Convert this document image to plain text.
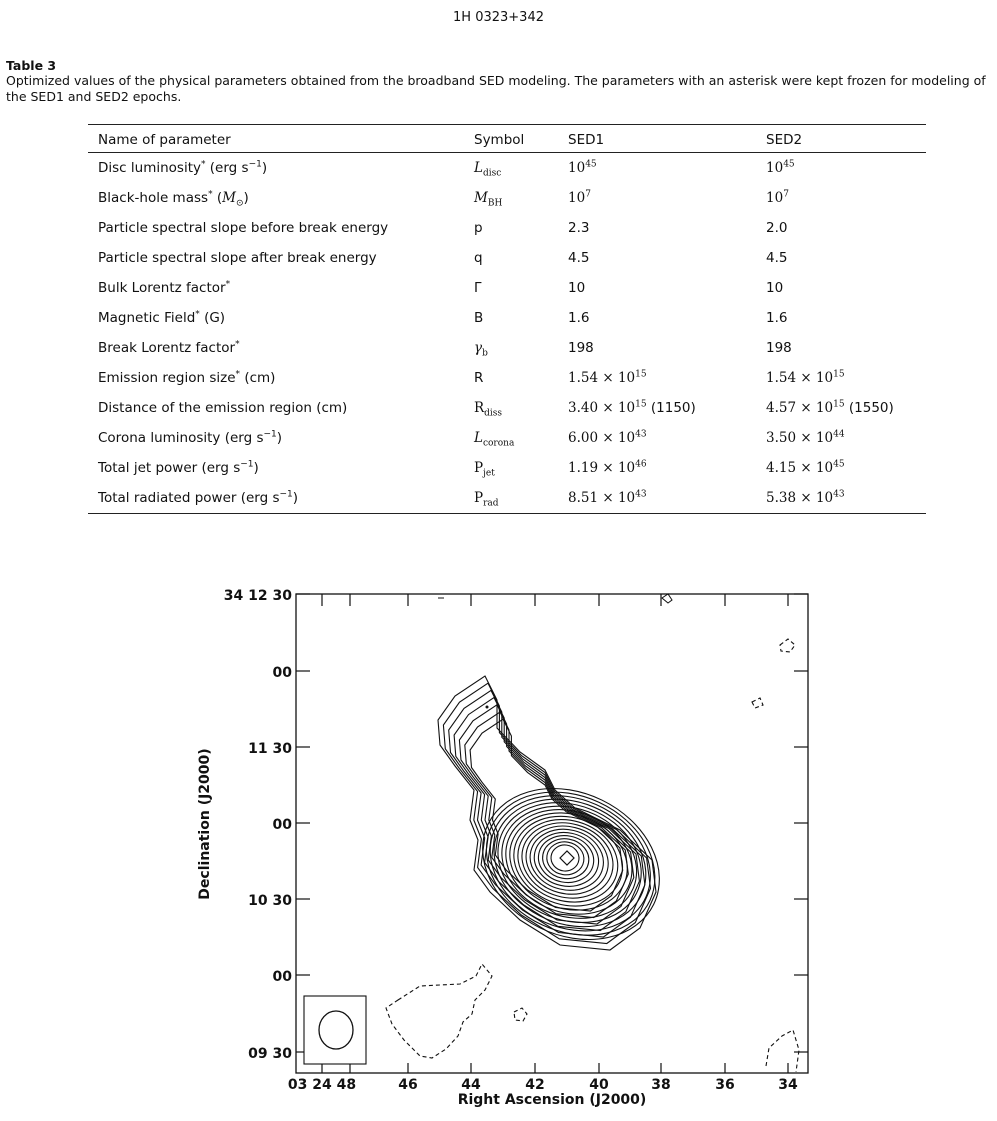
1H 0323+342
Table 3
Optimized values of the physical parameters obtained from the broadband SED modeling. The parameters with an asterisk were kept frozen for modeling of the SED1 and SED2 epochs.
Name of parameter	Symbol	SED1	SED2
Disc luminosity* (erg $s^{-1}$)	$L_{disc}$	$10^{45}$	$10^{45}$
Black-hole mass* $(M_⊙)$	$M_{BH}$	$10^7$	$10^7$
Particle spectral slope before break energy	p	2.3	2.0
Particle spectral slope after break energy	q	4.5	4.5
Bulk Lorentz factor*	Γ	10	10
Magnetic Field* (G)	B	1.6	1.6
Break Lorentz factor*	$\gamma_b$	198	198
Emission region size* (cm)	R	$1.54 \times 10^{15}$	$1.54 \times 10^{15}$
Distance of the emission region (cm)	$R_{diss}$	$3.40 \times 10^{15}$ (1150)	$4.57 \times 10^{15}$ (1550)
Corona luminosity (erg $s^{-1}$)	$L_{corona}$	$6.00 \times 10^{43}$	$3.50 \times 10^{44}$
Total jet power (erg $s^{-1}$)	$P_{jet}$	$1.19 \times 10^{46}$	$4.15 \times 10^{45}$
Total radiated power (erg $s^{-1}$)	$P_{rad}$	$8.51 \times 10^{43}$	$5.38 \times 10^{43}$
34 12 30
00
11 30
00
10 30
00
09 30
03 24 48	46	44	42	40	38	36	34
Right Ascension (J2000)
Declination (J2000)
